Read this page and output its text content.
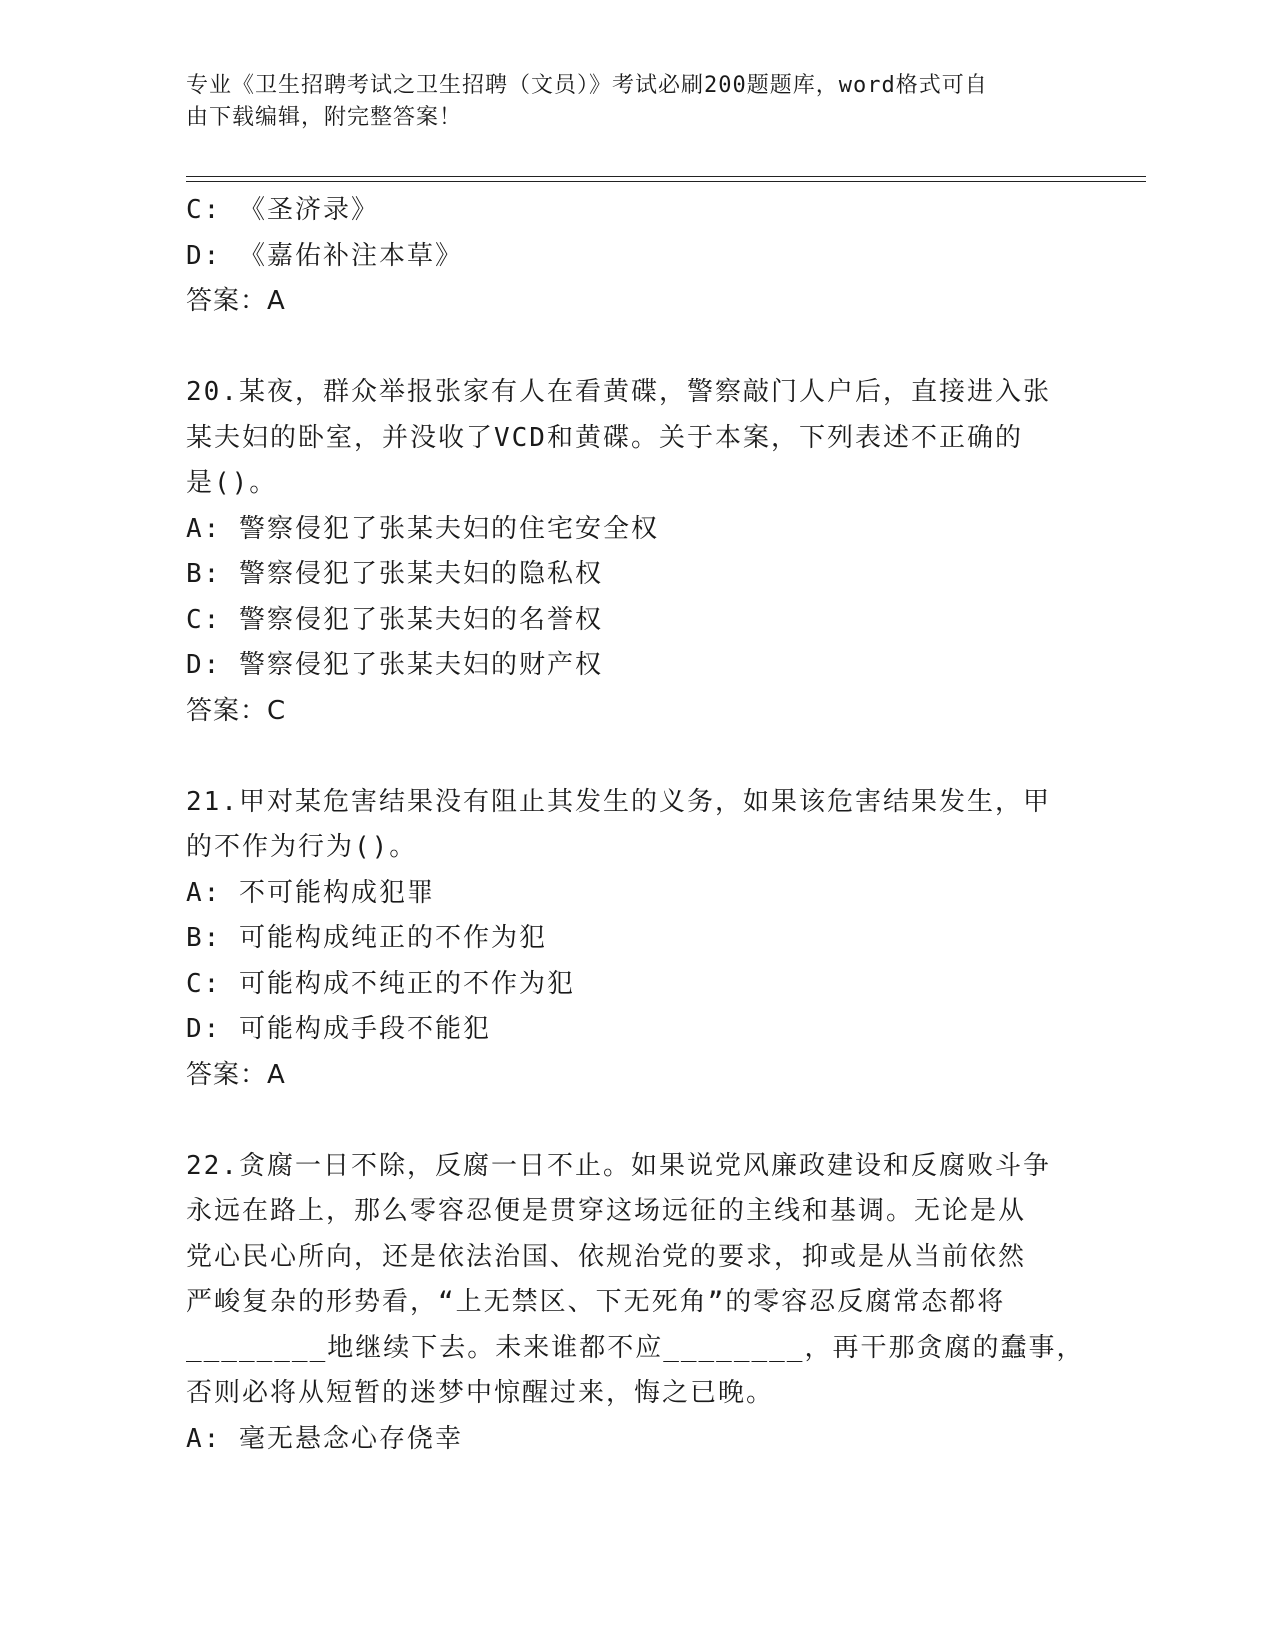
专业《卫生招聘考试之卫生招聘（文员）》考试必刷200题题库，word格式可自
由下载编辑，附完整答案！
C: 《圣济录》
D: 《嘉佑补注本草》
答案：A
20.某夜，群众举报张家有人在看黄碟，警察敲门人户后，直接进入张
某夫妇的卧室，并没收了VCD和黄碟。关于本案，下列表述不正确的
是()。
A: 警察侵犯了张某夫妇的住宅安全权
B: 警察侵犯了张某夫妇的隐私权
C: 警察侵犯了张某夫妇的名誉权
D: 警察侵犯了张某夫妇的财产权
答案：C
21.甲对某危害结果没有阻止其发生的义务，如果该危害结果发生，甲
的不作为行为()。
A: 不可能构成犯罪
B: 可能构成纯正的不作为犯
C: 可能构成不纯正的不作为犯
D: 可能构成手段不能犯
答案：A
22.贪腐一日不除，反腐一日不止。如果说党风廉政建设和反腐败斗争
永远在路上，那么零容忍便是贯穿这场远征的主线和基调。无论是从
党心民心所向，还是依法治国、依规治党的要求，抑或是从当前依然
严峻复杂的形势看，“上无禁区、下无死角”的零容忍反腐常态都将
________地继续下去。未来谁都不应________，再干那贪腐的蠢事，
否则必将从短暂的迷梦中惊醒过来，悔之已晚。
A: 毫无悬念心存侥幸
